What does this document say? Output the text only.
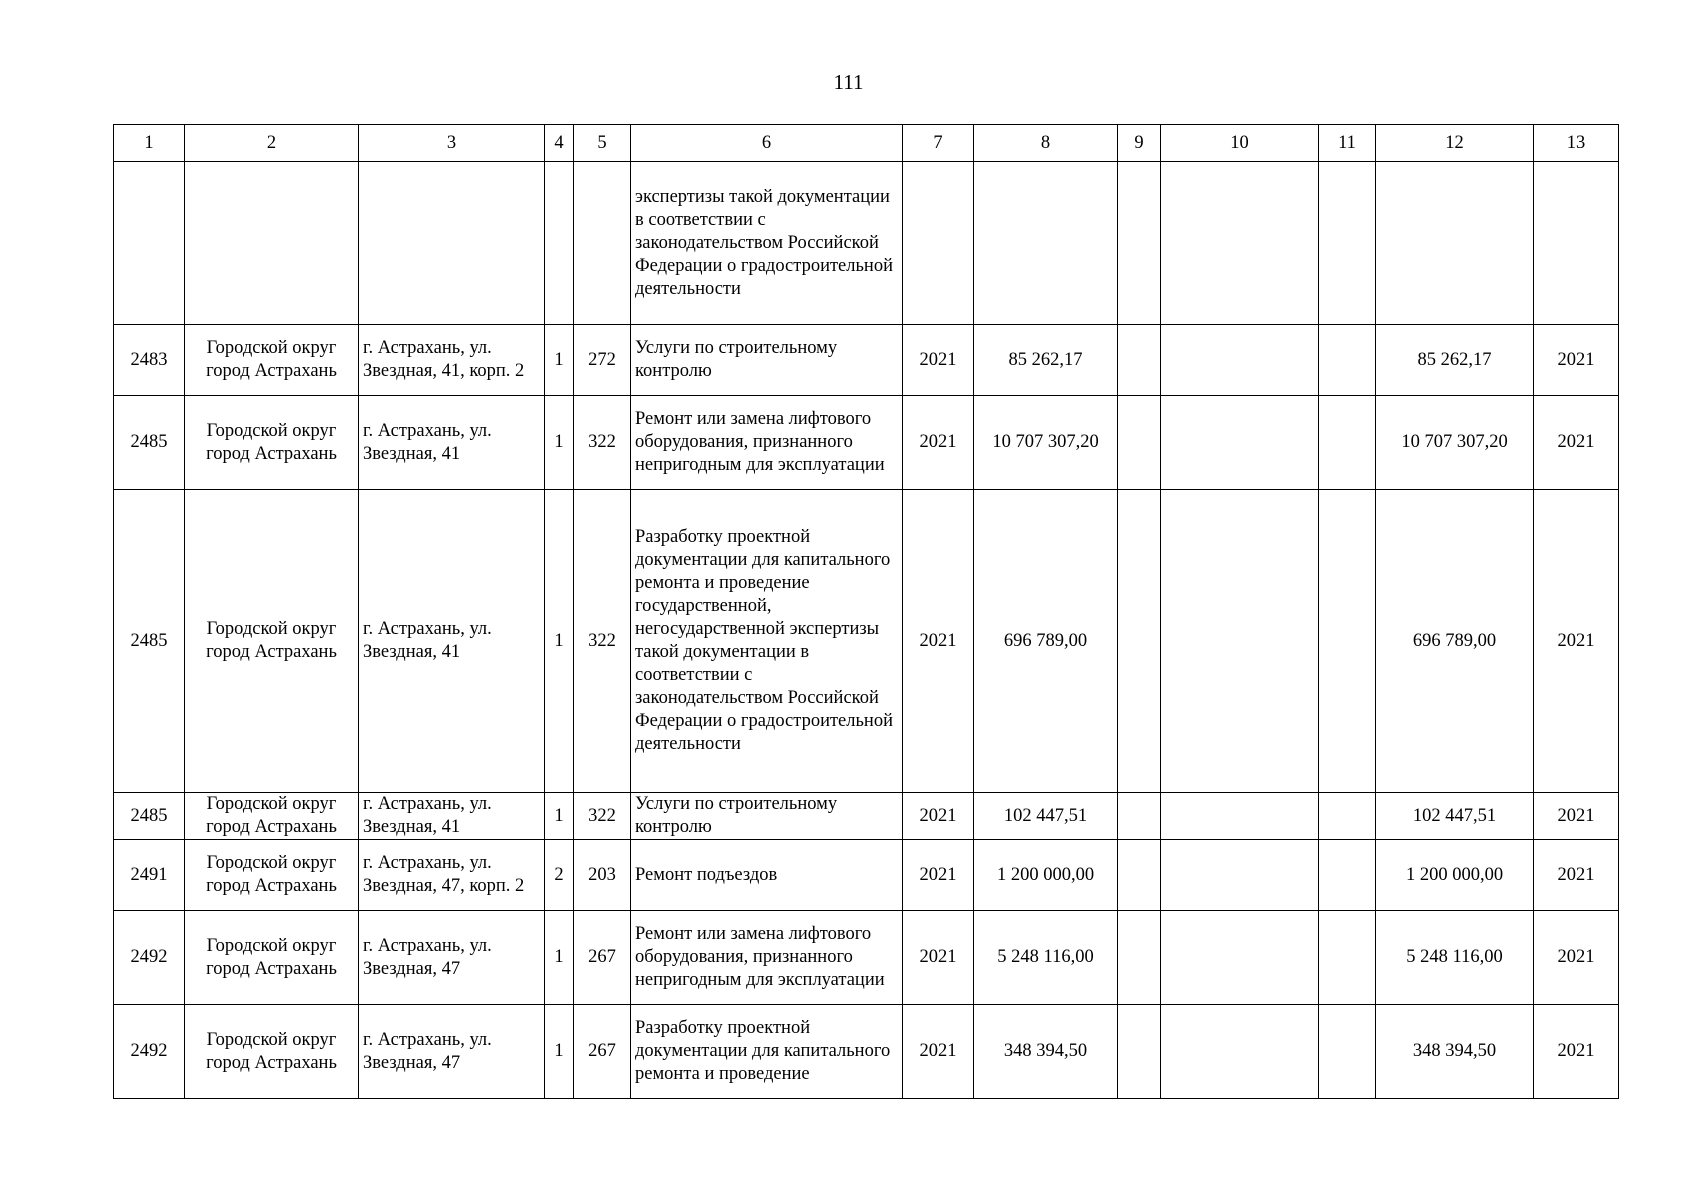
111
1	2	3	4	5	6	7	8	9	10	11	12	13
					экспертизы такой документации в соответствии с законодательством Российской Федерации о градостроительной деятельности							
2483	Городской округ город Астрахань	г. Астрахань, ул. Звездная, 41, корп. 2	1	272	Услуги по строительному контролю	2021	85 262,17				85 262,17	2021
2485	Городской округ город Астрахань	г. Астрахань, ул. Звездная, 41	1	322	Ремонт или замена лифтового оборудования, признанного непригодным для эксплуатации	2021	10 707 307,20				10 707 307,20	2021
2485	Городской округ город Астрахань	г. Астрахань, ул. Звездная, 41	1	322	Разработку проектной документации для капитального ремонта и проведение государственной, негосударственной экспертизы такой документации в соответствии с законодательством Российской Федерации о градостроительной деятельности	2021	696 789,00				696 789,00	2021
2485	Городской округ город Астрахань	г. Астрахань, ул. Звездная, 41	1	322	Услуги по строительному контролю	2021	102 447,51				102 447,51	2021
2491	Городской округ город Астрахань	г. Астрахань, ул. Звездная, 47, корп. 2	2	203	Ремонт подъездов	2021	1 200 000,00				1 200 000,00	2021
2492	Городской округ город Астрахань	г. Астрахань, ул. Звездная, 47	1	267	Ремонт или замена лифтового оборудования, признанного непригодным для эксплуатации	2021	5 248 116,00				5 248 116,00	2021
2492	Городской округ город Астрахань	г. Астрахань, ул. Звездная, 47	1	267	Разработку проектной документации для капитального ремонта и проведение	2021	348 394,50				348 394,50	2021
